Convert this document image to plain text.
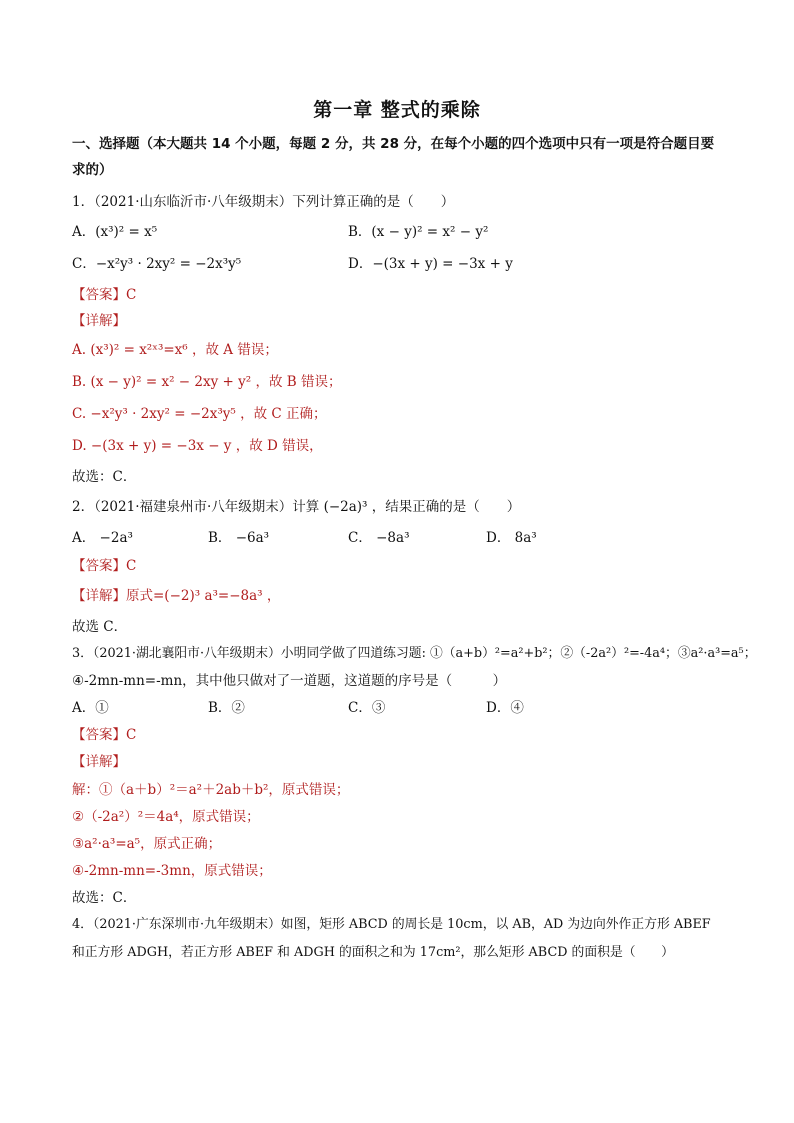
第一章 整式的乘除
一、选择题（本大题共 14 个小题，每题 2 分，共 28 分，在每个小题的四个选项中只有一项是符合题目要
求的）
1．（2021·山东临沂市·八年级期末）下列计算正确的是（　　）
A．(x³)² = x⁵	B．(x − y)² = x² − y²
C．−x²y³ · 2xy² = −2x³y⁵	D．−(3x + y) = −3x + y
【答案】C
【详解】
A. (x³)² = x²ˣ³=x⁶ ，故 A 错误；
B. (x − y)² = x² − 2xy + y² ，故 B 错误；
C. −x²y³ · 2xy² = −2x³y⁵ ，故 C 正确；
D. −(3x + y) = −3x − y ，故 D 错误，
故选：C．
2．（2021·福建泉州市·八年级期末）计算 (−2a)³ ，结果正确的是（　　）
A． −2a³	B． −6a³	C． −8a³	D． 8a³
【答案】C
【详解】原式=(−2)³ a³=−8a³ ，
故选 C．
3．（2021·湖北襄阳市·八年级期末）小明同学做了四道练习题: ①（a+b）²=a²+b²；②（-2a²）²=-4a⁴；③a²·a³=a⁵；
④-2mn-mn=-mn，其中他只做对了一道题，这道题的序号是（　　　）
A．①	B．②	C．③	D．④
【答案】C
【详解】
解：①（a＋b）²＝a²＋2ab＋b²，原式错误；
②（-2a²）²＝4a⁴，原式错误；
③a²·a³=a⁵，原式正确；
④-2mn-mn=-3mn，原式错误；
故选：C．
4．（2021·广东深圳市·九年级期末）如图，矩形 ABCD 的周长是 10cm，以 AB，AD 为边向外作正方形 ABEF
和正方形 ADGH，若正方形 ABEF 和 ADGH 的面积之和为 17cm²，那么矩形 ABCD 的面积是（　　）
